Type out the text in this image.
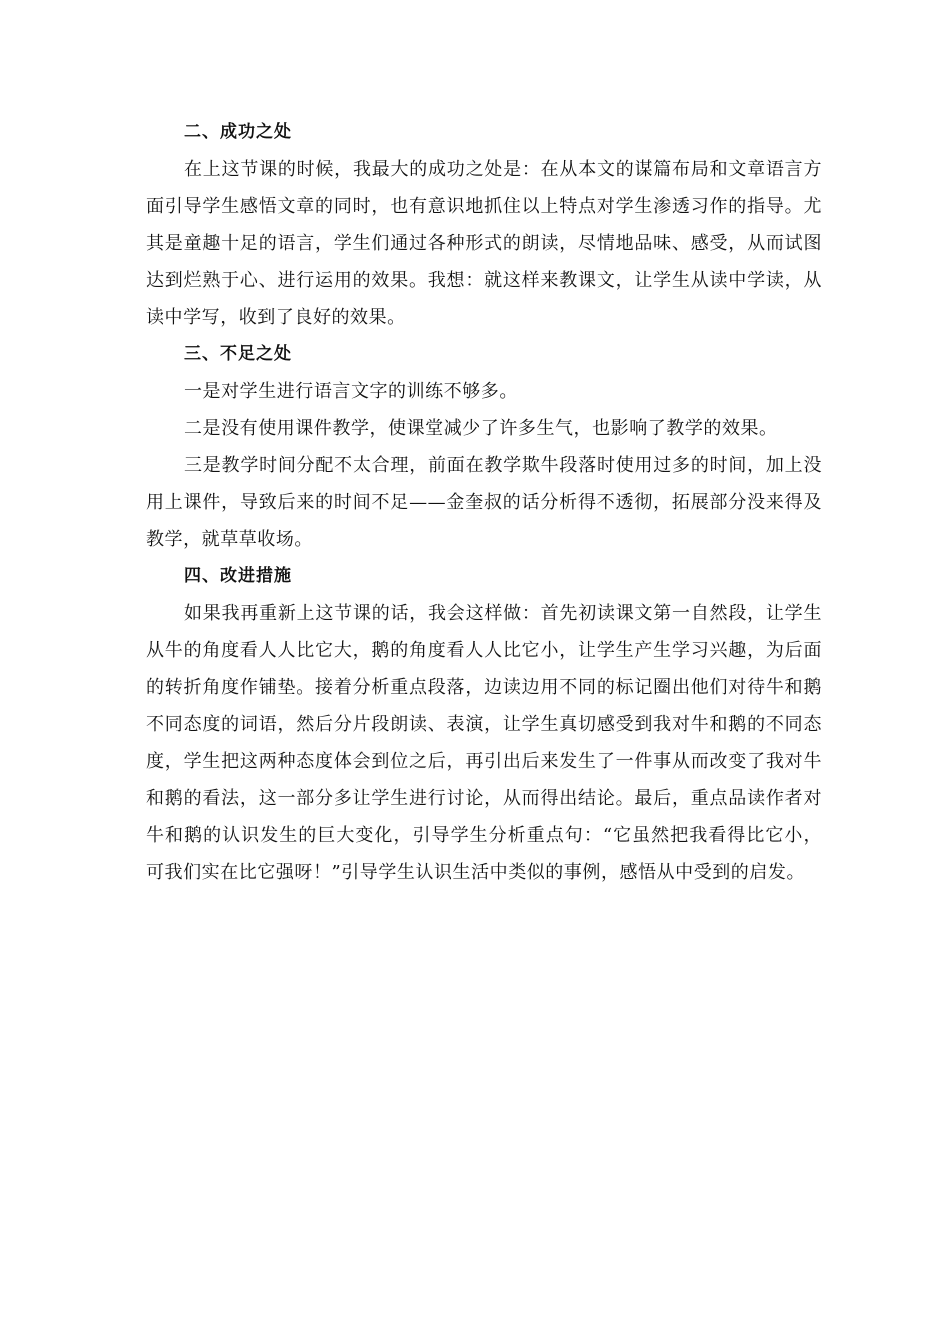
二、成功之处

在上这节课的时候，我最大的成功之处是：在从本文的谋篇布局和文章语言方面引导学生感悟文章的同时，也有意识地抓住以上特点对学生渗透习作的指导。尤其是童趣十足的语言，学生们通过各种形式的朗读，尽情地品味、感受，从而试图达到烂熟于心、进行运用的效果。我想：就这样来教课文，让学生从读中学读，从读中学写，收到了良好的效果。

三、不足之处

一是对学生进行语言文字的训练不够多。

二是没有使用课件教学，使课堂减少了许多生气，也影响了教学的效果。

三是教学时间分配不太合理，前面在教学欺牛段落时使用过多的时间，加上没用上课件，导致后来的时间不足——金奎叔的话分析得不透彻，拓展部分没来得及教学，就草草收场。

四、改进措施

如果我再重新上这节课的话，我会这样做：首先初读课文第一自然段，让学生从牛的角度看人人比它大，鹅的角度看人人比它小，让学生产生学习兴趣，为后面的转折角度作铺垫。接着分析重点段落，边读边用不同的标记圈出他们对待牛和鹅不同态度的词语，然后分片段朗读、表演，让学生真切感受到我对牛和鹅的不同态度，学生把这两种态度体会到位之后，再引出后来发生了一件事从而改变了我对牛和鹅的看法，这一部分多让学生进行讨论，从而得出结论。最后，重点品读作者对牛和鹅的认识发生的巨大变化，引导学生分析重点句：“它虽然把我看得比它小，可我们实在比它强呀！”引导学生认识生活中类似的事例，感悟从中受到的启发。
